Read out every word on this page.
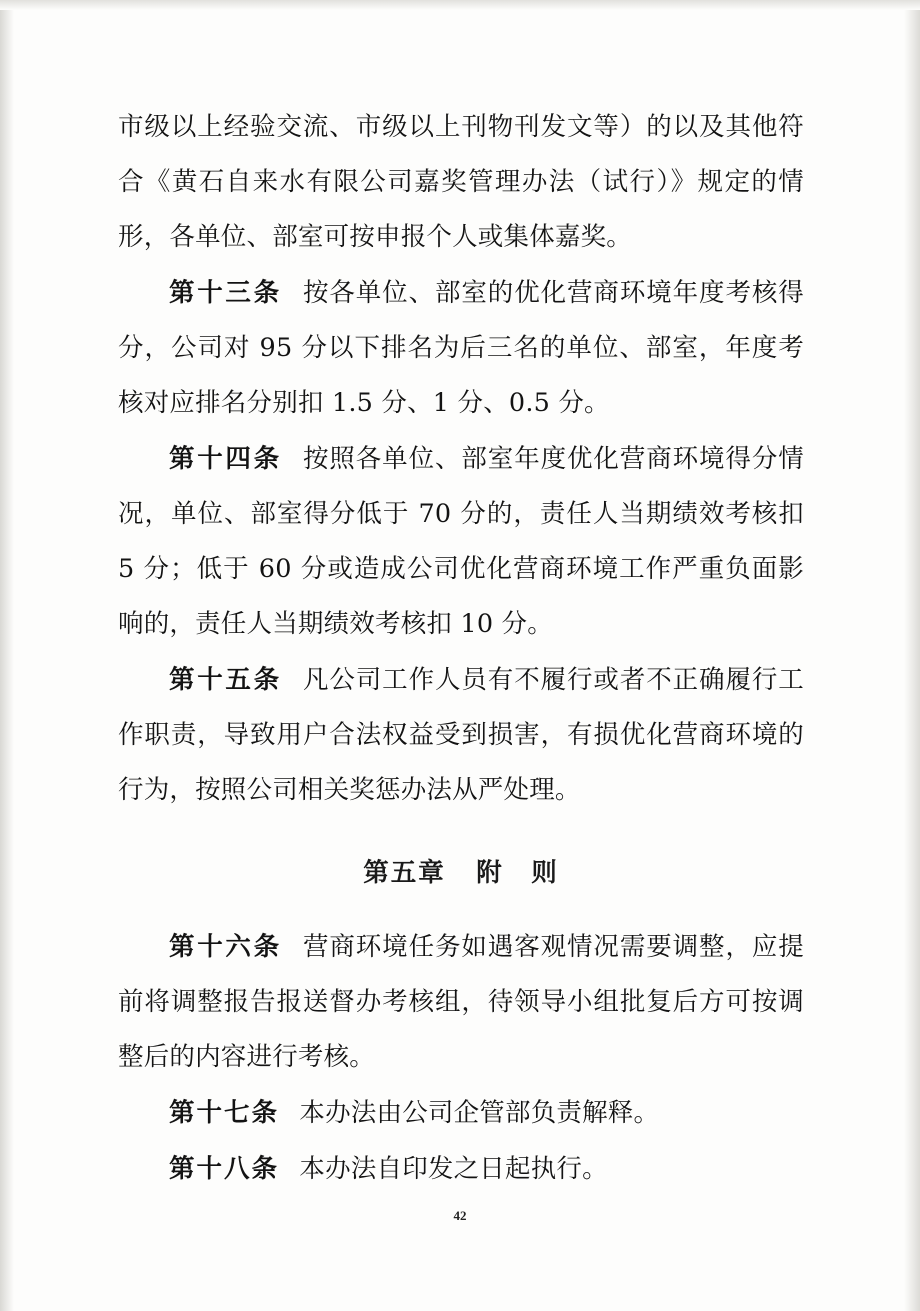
市级以上经验交流、市级以上刊物刊发文等）的以及其他符合《黄石自来水有限公司嘉奖管理办法（试行）》规定的情形，各单位、部室可按申报个人或集体嘉奖。

第十三条 按各单位、部室的优化营商环境年度考核得分，公司对 95 分以下排名为后三名的单位、部室，年度考核对应排名分别扣 1.5 分、1 分、0.5 分。

第十四条 按照各单位、部室年度优化营商环境得分情况，单位、部室得分低于 70 分的，责任人当期绩效考核扣 5 分；低于 60 分或造成公司优化营商环境工作严重负面影响的，责任人当期绩效考核扣 10 分。

第十五条 凡公司工作人员有不履行或者不正确履行工作职责，导致用户合法权益受到损害，有损优化营商环境的行为，按照公司相关奖惩办法从严处理。

第五章 附　则

第十六条 营商环境任务如遇客观情况需要调整，应提前将调整报告报送督办考核组，待领导小组批复后方可按调整后的内容进行考核。

第十七条 本办法由公司企管部负责解释。

第十八条 本办法自印发之日起执行。

42
